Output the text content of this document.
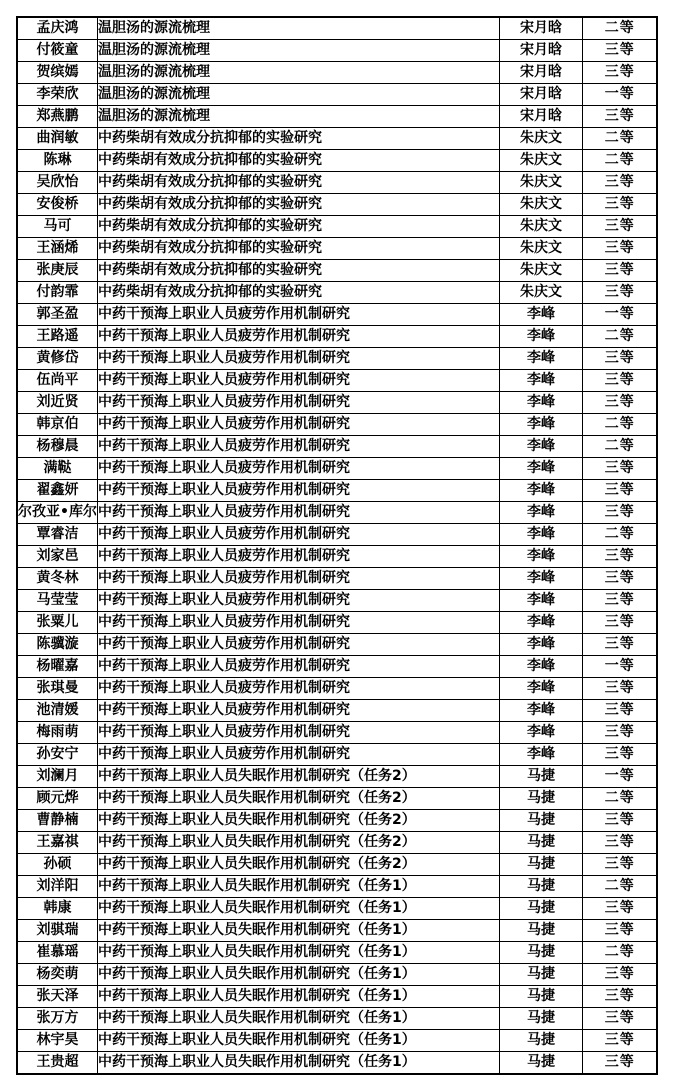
孟庆鸿	温胆汤的源流梳理	宋月晗	二等
付筱童	温胆汤的源流梳理	宋月晗	三等
贺缤嫣	温胆汤的源流梳理	宋月晗	三等
李荣欣	温胆汤的源流梳理	宋月晗	一等
郑燕鹏	温胆汤的源流梳理	宋月晗	三等
曲润敏	中药柴胡有效成分抗抑郁的实验研究	朱庆文	二等
陈琳	中药柴胡有效成分抗抑郁的实验研究	朱庆文	二等
吴欣怡	中药柴胡有效成分抗抑郁的实验研究	朱庆文	三等
安俊桥	中药柴胡有效成分抗抑郁的实验研究	朱庆文	三等
马可	中药柴胡有效成分抗抑郁的实验研究	朱庆文	三等
王涵烯	中药柴胡有效成分抗抑郁的实验研究	朱庆文	三等
张庚辰	中药柴胡有效成分抗抑郁的实验研究	朱庆文	三等
付韵霏	中药柴胡有效成分抗抑郁的实验研究	朱庆文	三等
郭圣盈	中药干预海上职业人员疲劳作用机制研究	李峰	一等
王路遥	中药干预海上职业人员疲劳作用机制研究	李峰	二等
黄修岱	中药干预海上职业人员疲劳作用机制研究	李峰	三等
伍尚平	中药干预海上职业人员疲劳作用机制研究	李峰	三等
刘近贤	中药干预海上职业人员疲劳作用机制研究	李峰	三等
韩京伯	中药干预海上职业人员疲劳作用机制研究	李峰	二等
杨穆晨	中药干预海上职业人员疲劳作用机制研究	李峰	二等
满鞑	中药干预海上职业人员疲劳作用机制研究	李峰	三等
翟鑫妍	中药干预海上职业人员疲劳作用机制研究	李峰	三等
尔孜亚•库尔	中药干预海上职业人员疲劳作用机制研究	李峰	三等
覃睿洁	中药干预海上职业人员疲劳作用机制研究	李峰	二等
刘家邑	中药干预海上职业人员疲劳作用机制研究	李峰	三等
黄冬林	中药干预海上职业人员疲劳作用机制研究	李峰	三等
马莹莹	中药干预海上职业人员疲劳作用机制研究	李峰	三等
张粟儿	中药干预海上职业人员疲劳作用机制研究	李峰	三等
陈骥漩	中药干预海上职业人员疲劳作用机制研究	李峰	三等
杨曜嘉	中药干预海上职业人员疲劳作用机制研究	李峰	一等
张琪曼	中药干预海上职业人员疲劳作用机制研究	李峰	三等
池清媛	中药干预海上职业人员疲劳作用机制研究	李峰	三等
梅雨萌	中药干预海上职业人员疲劳作用机制研究	李峰	三等
孙安宁	中药干预海上职业人员疲劳作用机制研究	李峰	三等
刘澜月	中药干预海上职业人员失眠作用机制研究（任务2）	马捷	一等
顾元烨	中药干预海上职业人员失眠作用机制研究（任务2）	马捷	二等
曹静楠	中药干预海上职业人员失眠作用机制研究（任务2）	马捷	三等
王嘉祺	中药干预海上职业人员失眠作用机制研究（任务2）	马捷	三等
孙硕	中药干预海上职业人员失眠作用机制研究（任务2）	马捷	三等
刘洋阳	中药干预海上职业人员失眠作用机制研究（任务1）	马捷	二等
韩康	中药干预海上职业人员失眠作用机制研究（任务1）	马捷	三等
刘骐瑞	中药干预海上职业人员失眠作用机制研究（任务1）	马捷	三等
崔慕瑶	中药干预海上职业人员失眠作用机制研究（任务1）	马捷	二等
杨奕萌	中药干预海上职业人员失眠作用机制研究（任务1）	马捷	三等
张天泽	中药干预海上职业人员失眠作用机制研究（任务1）	马捷	三等
张万方	中药干预海上职业人员失眠作用机制研究（任务1）	马捷	三等
林宇昊	中药干预海上职业人员失眠作用机制研究（任务1）	马捷	三等
王贵超	中药干预海上职业人员失眠作用机制研究（任务1）	马捷	三等
